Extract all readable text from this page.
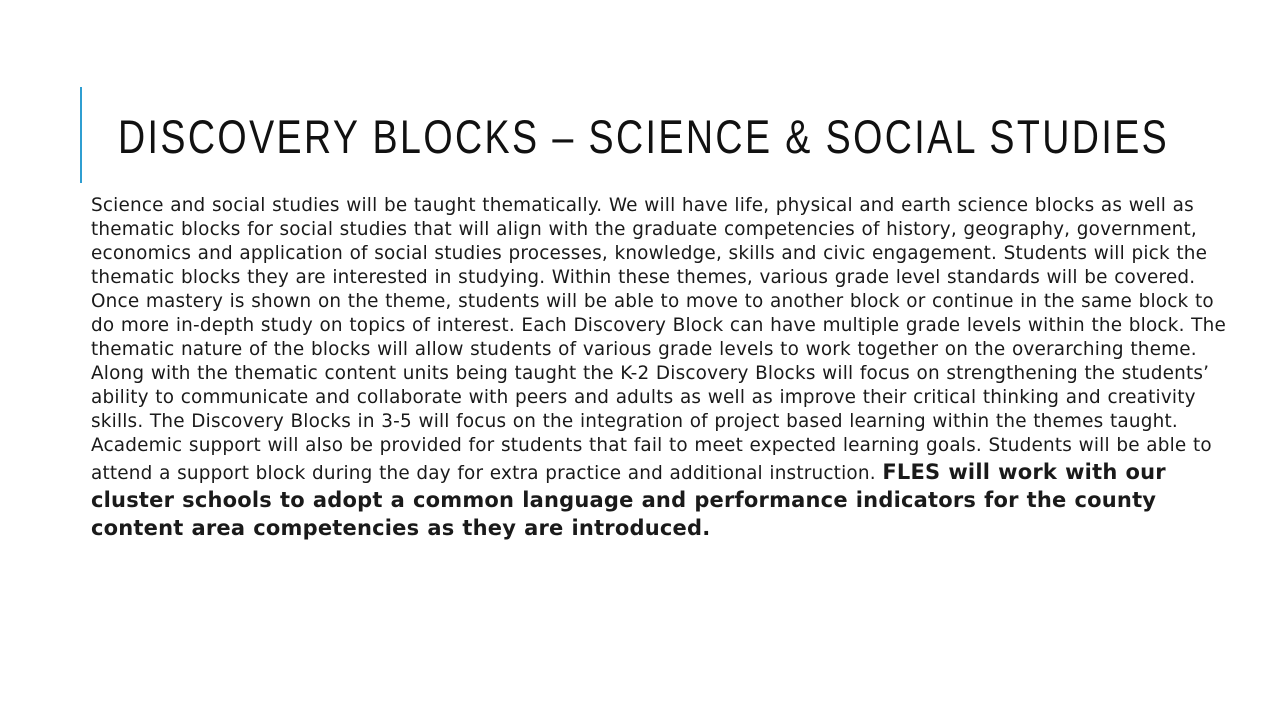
DISCOVERY BLOCKS – SCIENCE & SOCIAL STUDIES

Science and social studies will be taught thematically. We will have life, physical and earth science blocks as well as thematic blocks for social studies that will align with the graduate competencies of history, geography, government, economics and application of social studies processes, knowledge, skills and civic engagement. Students will pick the thematic blocks they are interested in studying. Within these themes, various grade level standards will be covered. Once mastery is shown on the theme, students will be able to move to another block or continue in the same block to do more in-depth study on topics of interest. Each Discovery Block can have multiple grade levels within the block. The thematic nature of the blocks will allow students of various grade levels to work together on the overarching theme. Along with the thematic content units being taught the K-2 Discovery Blocks will focus on strengthening the students’ ability to communicate and collaborate with peers and adults as well as improve their critical thinking and creativity skills. The Discovery Blocks in 3-5 will focus on the integration of project based learning within the themes taught. Academic support will also be provided for students that fail to meet expected learning goals. Students will be able to attend a support block during the day for extra practice and additional instruction. FLES will work with our cluster schools to adopt a common language and performance indicators for the county content area competencies as they are introduced.
